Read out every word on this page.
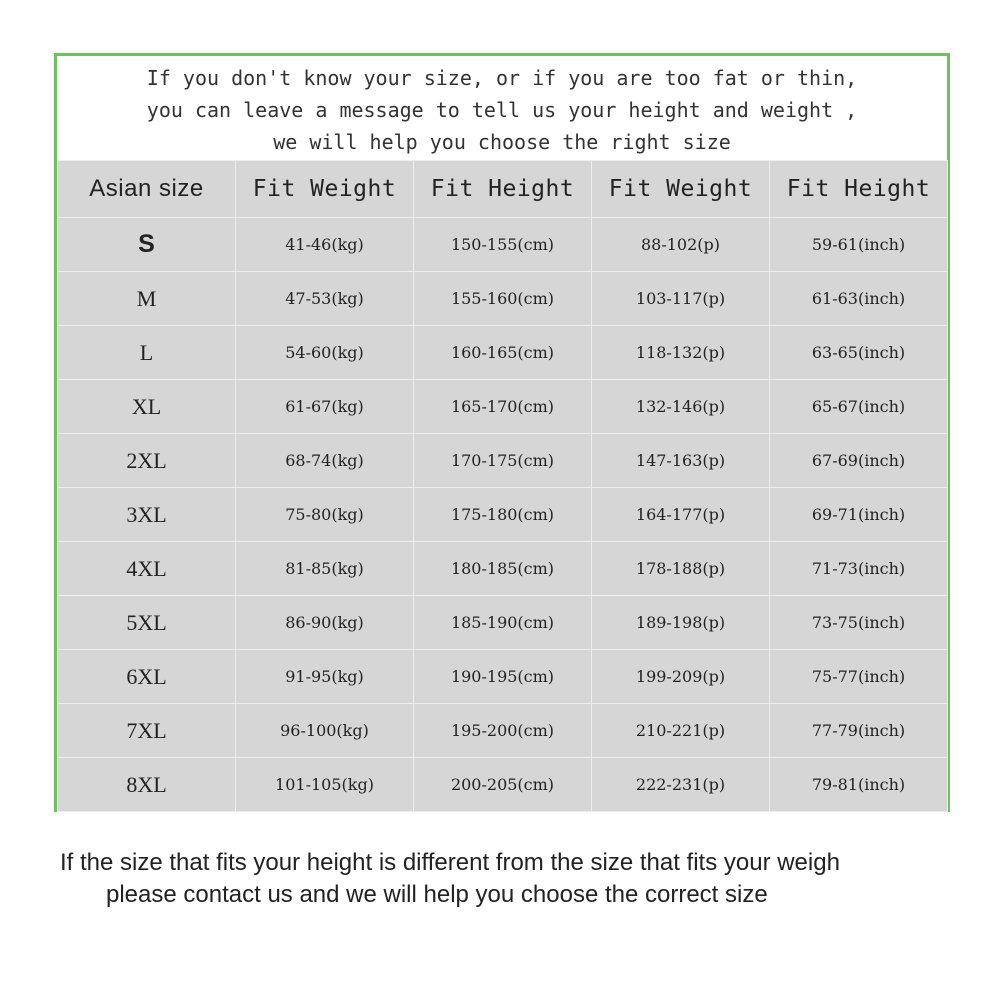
If you don't know your size, or if you are too fat or thin,
you can leave a message to tell us your height and weight ,
we will help you choose the right size
Asian size	Fit Weight	Fit Height	Fit Weight	Fit Height
S	41-46(kg)	150-155(cm)	88-102(p)	59-61(inch)
M	47-53(kg)	155-160(cm)	103-117(p)	61-63(inch)
L	54-60(kg)	160-165(cm)	118-132(p)	63-65(inch)
XL	61-67(kg)	165-170(cm)	132-146(p)	65-67(inch)
2XL	68-74(kg)	170-175(cm)	147-163(p)	67-69(inch)
3XL	75-80(kg)	175-180(cm)	164-177(p)	69-71(inch)
4XL	81-85(kg)	180-185(cm)	178-188(p)	71-73(inch)
5XL	86-90(kg)	185-190(cm)	189-198(p)	73-75(inch)
6XL	91-95(kg)	190-195(cm)	199-209(p)	75-77(inch)
7XL	96-100(kg)	195-200(cm)	210-221(p)	77-79(inch)
8XL	101-105(kg)	200-205(cm)	222-231(p)	79-81(inch)
If the size that fits your height is different from the size that fits your weigh
please contact us and we will help you choose the correct size
